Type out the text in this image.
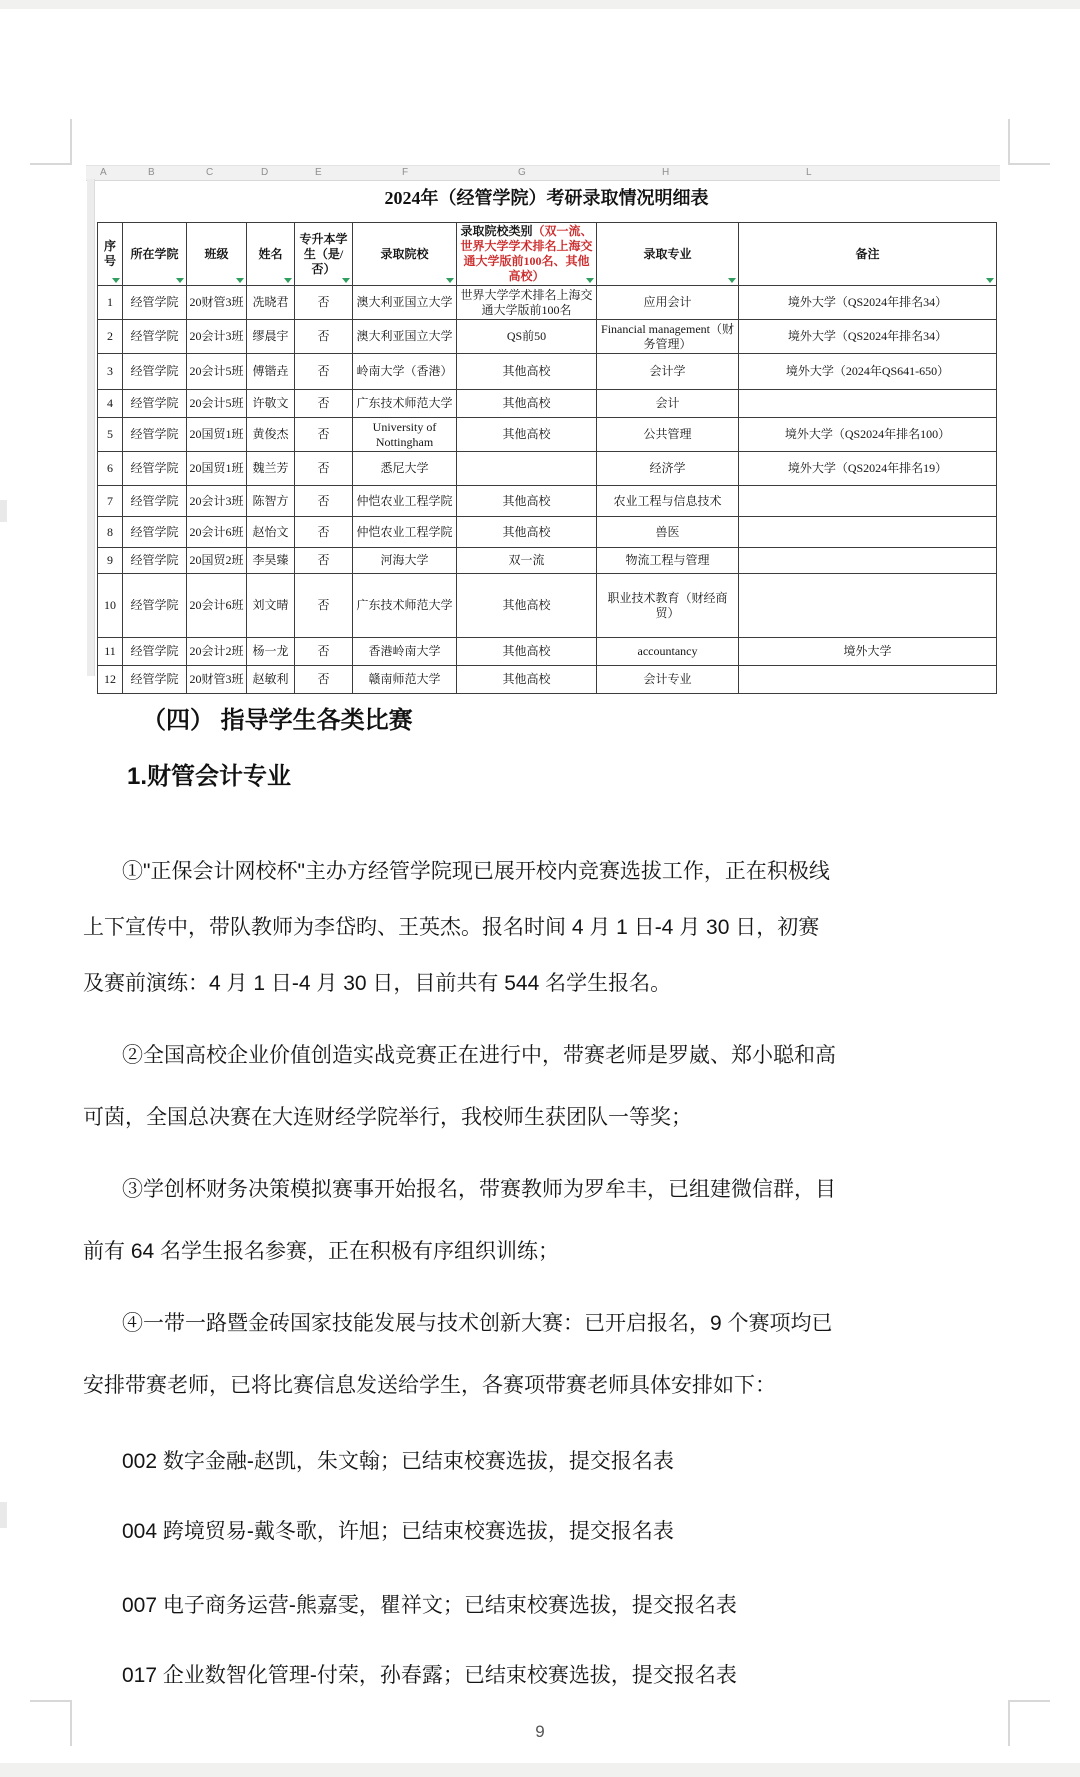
A	B	C	D	E	F	G	H	L
2024年（经管学院）考研录取情况明细表
序号	所在学院	班级	姓名	专升本学生（是/否）	录取院校	录取院校类别（双一流、世界大学学术排名上海交通大学版前100名、其他高校）	录取专业	备注

1	经管学院	20财管3班	冼晓君	否	澳大利亚国立大学	世界大学学术排名上海交通大学版前100名	应用会计	境外大学（QS2024年排名34）
2	经管学院	20会计3班	缪晨宇	否	澳大利亚国立大学	QS前50	Financial management（财务管理）	境外大学（QS2024年排名34）
3	经管学院	20会计5班	傅锴垚	否	岭南大学（香港）	其他高校	会计学	境外大学（2024年QS641-650）
4	经管学院	20会计5班	许敬文	否	广东技术师范大学	其他高校	会计	
5	经管学院	20国贸1班	黄俊杰	否	University of Nottingham	其他高校	公共管理	境外大学（QS2024年排名100）
6	经管学院	20国贸1班	魏兰芳	否	悉尼大学		经济学	境外大学（QS2024年排名19）
7	经管学院	20会计3班	陈智方	否	仲恺农业工程学院	其他高校	农业工程与信息技术	
8	经管学院	20会计6班	赵怡文	否	仲恺农业工程学院	其他高校	兽医	
9	经管学院	20国贸2班	李昊臻	否	河海大学	双一流	物流工程与管理	
10	经管学院	20会计6班	刘文晴	否	广东技术师范大学	其他高校	职业技术教育（财经商贸）	
11	经管学院	20会计2班	杨一龙	否	香港岭南大学	其他高校	accountancy	境外大学
12	经管学院	20财管3班	赵敏利	否	赣南师范大学	其他高校	会计专业	
（四） 指导学生各类比赛
1.财管会计专业
①"正保会计网校杯"主办方经管学院现已展开校内竞赛选拔工作，正在积极线
上下宣传中，带队教师为李岱昀、王英杰。报名时间 4 月 1 日-4 月 30 日，初赛
及赛前演练：4 月 1 日-4 月 30 日，目前共有 544 名学生报名。
②全国高校企业价值创造实战竞赛正在进行中，带赛老师是罗崴、郑小聪和高
可茵，全国总决赛在大连财经学院举行，我校师生获团队一等奖；
③学创杯财务决策模拟赛事开始报名，带赛教师为罗牟丰，已组建微信群，目
前有 64 名学生报名参赛，正在积极有序组织训练；
④一带一路暨金砖国家技能发展与技术创新大赛：已开启报名，9 个赛项均已
安排带赛老师，已将比赛信息发送给学生，各赛项带赛老师具体安排如下：
002 数字金融-赵凯，朱文翰；已结束校赛选拔，提交报名表
004 跨境贸易-戴冬歌，许旭；已结束校赛选拔，提交报名表
007 电子商务运营-熊嘉雯，瞿祥文；已结束校赛选拔，提交报名表
017 企业数智化管理-付荣，孙春露；已结束校赛选拔，提交报名表
9
